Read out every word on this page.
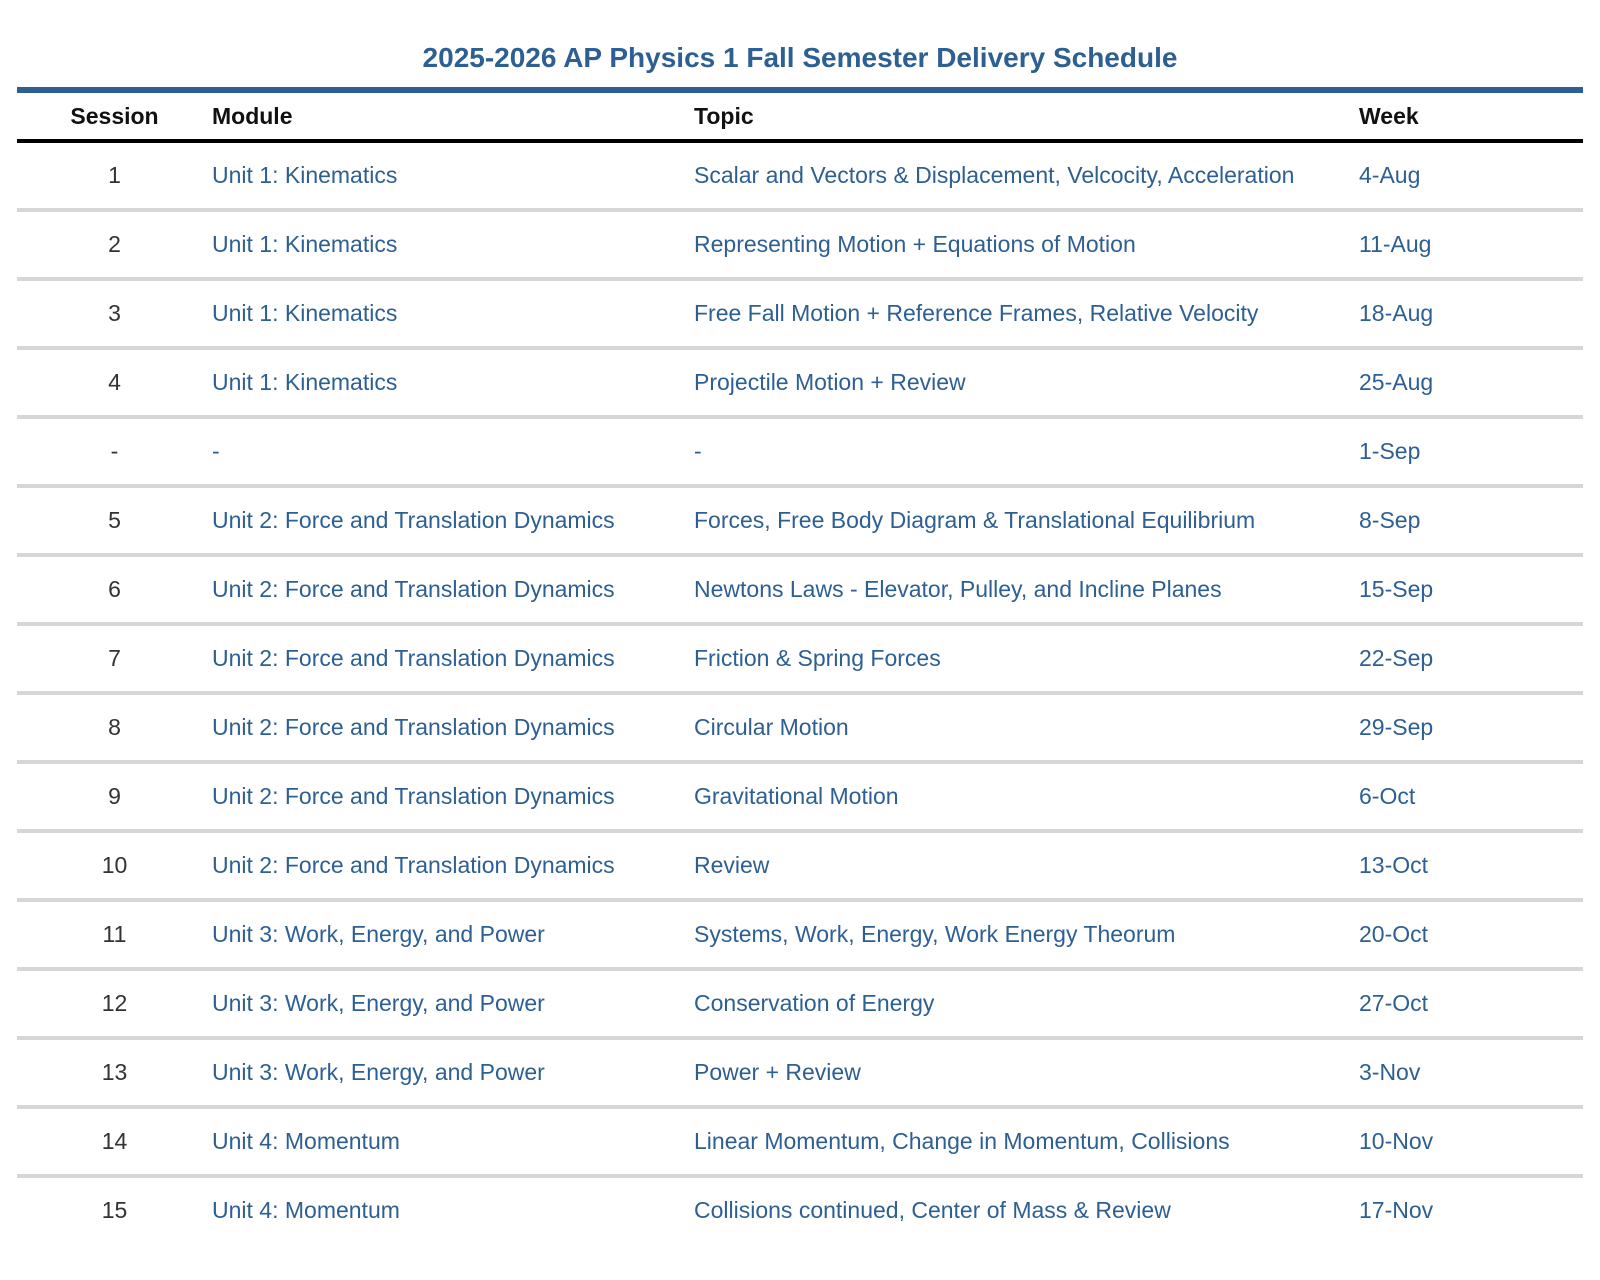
2025-2026 AP Physics 1 Fall Semester Delivery Schedule
Session	Module	Topic	Week
1	Unit 1: Kinematics	Scalar and Vectors & Displacement, Velcocity, Acceleration	4-Aug
2	Unit 1: Kinematics	Representing Motion + Equations of Motion	11-Aug
3	Unit 1: Kinematics	Free Fall Motion + Reference Frames, Relative Velocity	18-Aug
4	Unit 1: Kinematics	Projectile Motion + Review	25-Aug
-	-	-	1-Sep
5	Unit 2: Force and Translation Dynamics	Forces, Free Body Diagram & Translational Equilibrium	8-Sep
6	Unit 2: Force and Translation Dynamics	Newtons Laws - Elevator, Pulley, and Incline Planes	15-Sep
7	Unit 2: Force and Translation Dynamics	Friction & Spring Forces	22-Sep
8	Unit 2: Force and Translation Dynamics	Circular Motion	29-Sep
9	Unit 2: Force and Translation Dynamics	Gravitational Motion	6-Oct
10	Unit 2: Force and Translation Dynamics	Review	13-Oct
11	Unit 3: Work, Energy, and Power	Systems, Work, Energy, Work Energy Theorum	20-Oct
12	Unit 3: Work, Energy, and Power	Conservation of Energy	27-Oct
13	Unit 3: Work, Energy, and Power	Power + Review	3-Nov
14	Unit 4: Momentum	Linear Momentum, Change in Momentum, Collisions	10-Nov
15	Unit 4: Momentum	Collisions continued, Center of Mass & Review	17-Nov
